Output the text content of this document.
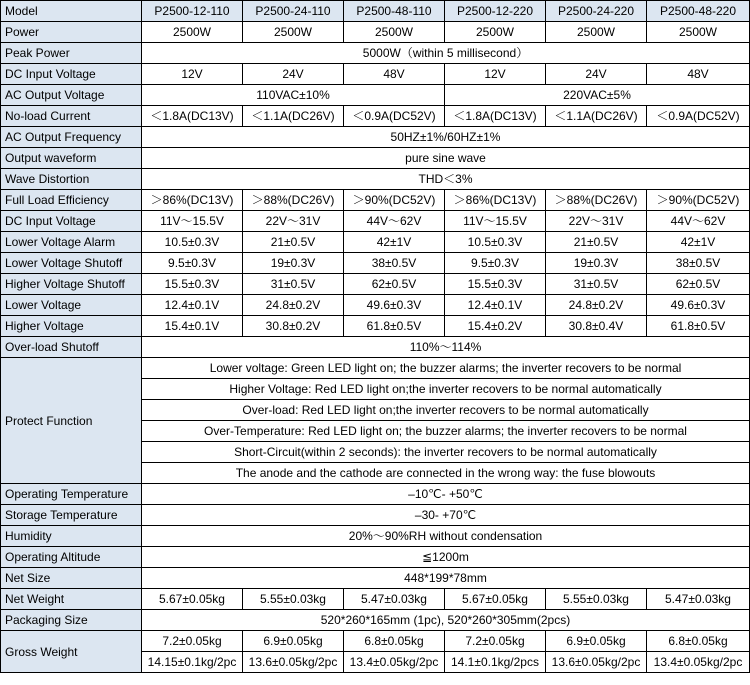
Model	P2500-12-110	P2500-24-110	P2500-48-110	P2500-12-220	P2500-24-220	P2500-48-220
Power	2500W	2500W	2500W	2500W	2500W	2500W
Peak Power	5000W（within 5 millisecond）					
DC Input Voltage	12V	24V	48V	12V	24V	48V
AC Output Voltage	110VAC±10%			220VAC±5%		
No-load Current	＜1.8A(DC13V)	＜1.1A(DC26V)	＜0.9A(DC52V)	＜1.8A(DC13V)	＜1.1A(DC26V)	＜0.9A(DC52V)
AC Output Frequency	50HZ±1%/60HZ±1%					
Output waveform	pure sine wave					
Wave Distortion	THD＜3%					
Full Load Efficiency	＞86%(DC13V)	＞88%(DC26V)	＞90%(DC52V)	＞86%(DC13V)	＞88%(DC26V)	＞90%(DC52V)
DC Input Voltage	11V～15.5V	22V～31V	44V～62V	11V～15.5V	22V～31V	44V～62V
Lower Voltage Alarm	10.5±0.3V	21±0.5V	42±1V	10.5±0.3V	21±0.5V	42±1V
Lower Voltage Shutoff	9.5±0.3V	19±0.3V	38±0.5V	9.5±0.3V	19±0.3V	38±0.5V
Higher Voltage Shutoff	15.5±0.3V	31±0.5V	62±0.5V	15.5±0.3V	31±0.5V	62±0.5V
Lower Voltage	12.4±0.1V	24.8±0.2V	49.6±0.3V	12.4±0.1V	24.8±0.2V	49.6±0.3V
Higher Voltage	15.4±0.1V	30.8±0.2V	61.8±0.5V	15.4±0.2V	30.8±0.4V	61.8±0.5V
Over-load Shutoff	110%～114%					
Protect Function	Lower voltage: Green LED light on; the buzzer alarms; the inverter recovers to be normal					
	Higher Voltage: Red LED light on;the inverter recovers to be normal automatically					
	Over-load: Red LED light on;the inverter recovers to be normal automatically					
	Over-Temperature: Red LED light on; the buzzer alarms; the inverter recovers to be normal					
	Short-Circuit(within 2 seconds): the inverter recovers to be normal automatically					
	The anode and the cathode are connected in the wrong way: the fuse blowouts					
Operating Temperature	–10℃- +50℃					
Storage Temperature	–30- +70℃					
Humidity	20%～90%RH without condensation					
Operating Altitude	≦1200m					
Net Size	448*199*78mm					
Net Weight	5.67±0.05kg	5.55±0.03kg	5.47±0.03kg	5.67±0.05kg	5.55±0.03kg	5.47±0.03kg
Packaging Size	520*260*165mm (1pc), 520*260*305mm(2pcs)					
Gross Weight	7.2±0.05kg	6.9±0.05kg	6.8±0.05kg	7.2±0.05kg	6.9±0.05kg	6.8±0.05kg
	14.15±0.1kg/2pc	13.6±0.05kg/2pc	13.4±0.05kg/2pc	14.1±0.1kg/2pcs	13.6±0.05kg/2pc	13.4±0.05kg/2pc
